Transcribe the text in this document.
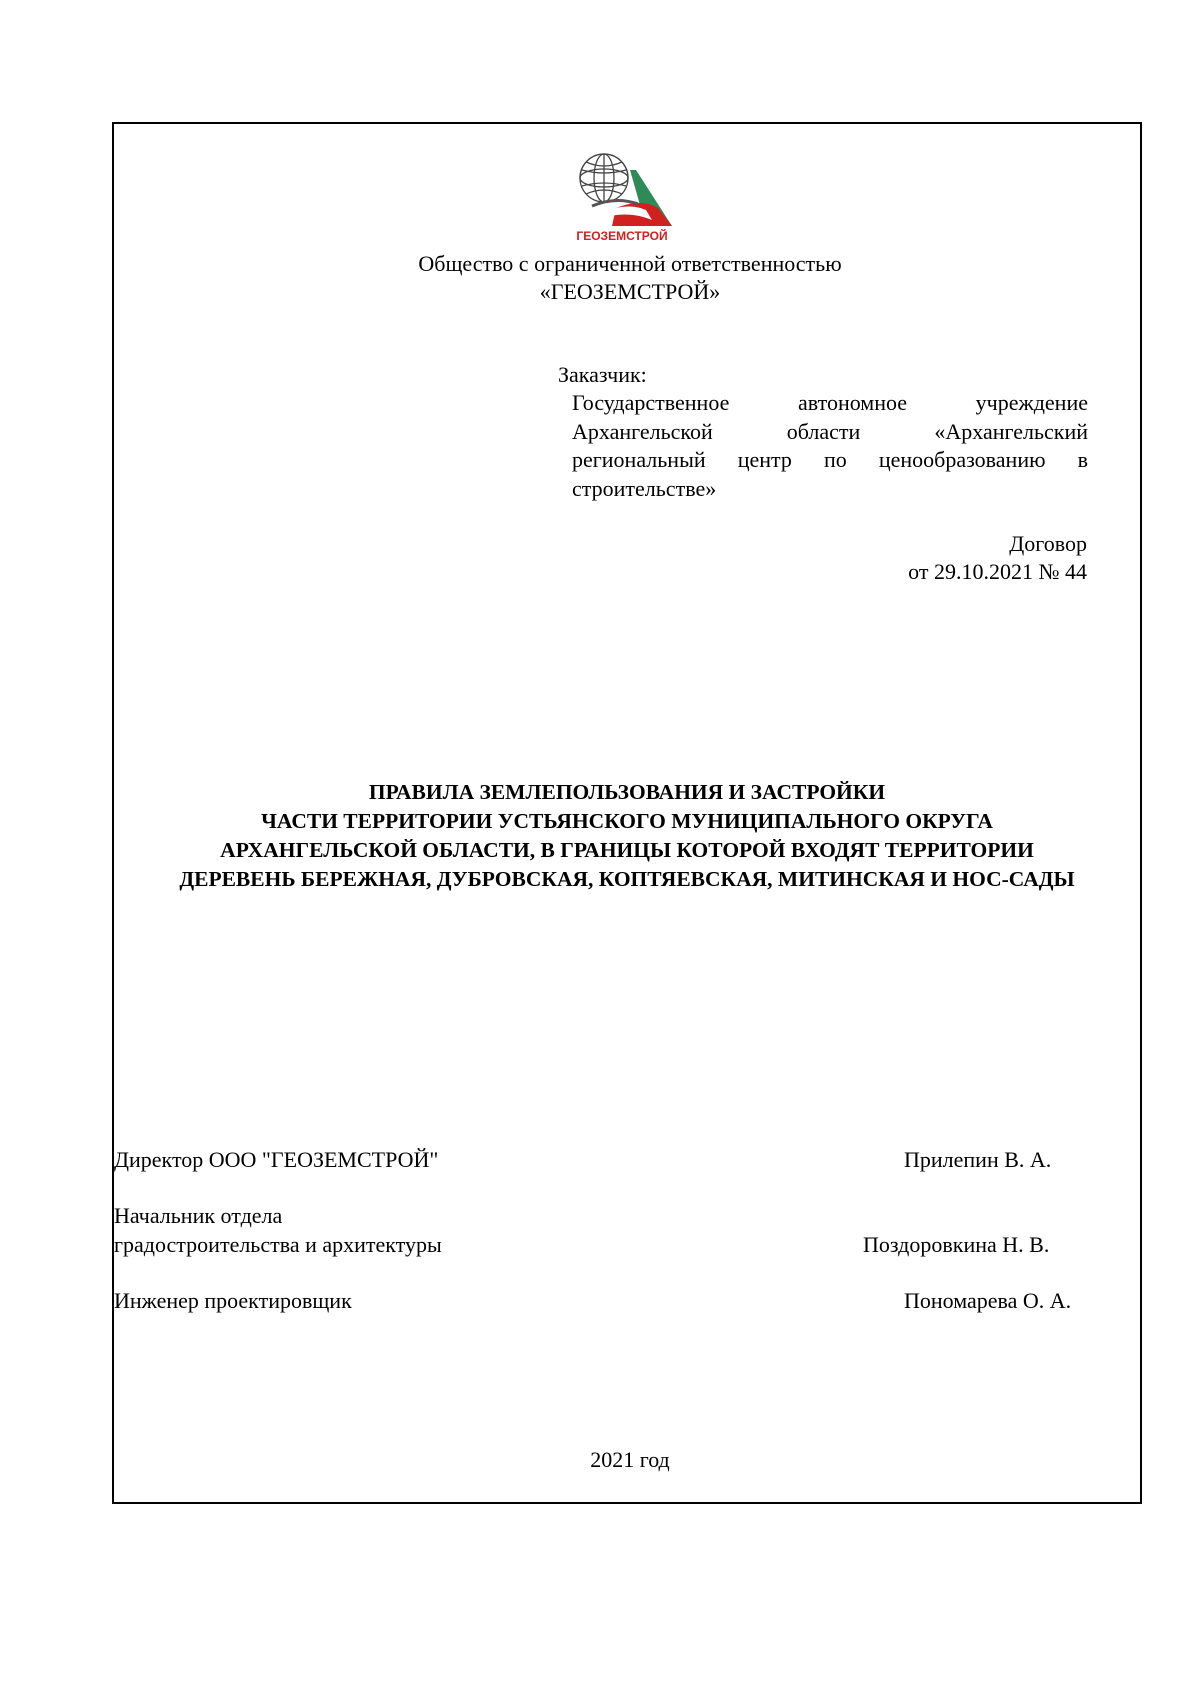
ГЕОЗЕМСТРОЙ
Общество с ограниченной ответственностью
«ГЕОЗЕМСТРОЙ»
Заказчик:
Государственное автономное учреждение Архангельской области «Архангельский региональный центр по ценообразованию в строительстве»
Договор
от 29.10.2021 № 44
ПРАВИЛА ЗЕМЛЕПОЛЬЗОВАНИЯ И ЗАСТРОЙКИ
ЧАСТИ ТЕРРИТОРИИ УСТЬЯНСКОГО МУНИЦИПАЛЬНОГО ОКРУГА
АРХАНГЕЛЬСКОЙ ОБЛАСТИ, В ГРАНИЦЫ КОТОРОЙ ВХОДЯТ ТЕРРИТОРИИ
ДЕРЕВЕНЬ БЕРЕЖНАЯ, ДУБРОВСКАЯ, КОПТЯЕВСКАЯ, МИТИНСКАЯ И НОС-САДЫ
Директор ООО "ГЕОЗЕМСТРОЙ"	Прилепин В. А.
Начальник отдела
градостроительства и архитектуры	Поздоровкина Н. В.
Инженер проектировщик	Пономарева О. А.
2021 год
